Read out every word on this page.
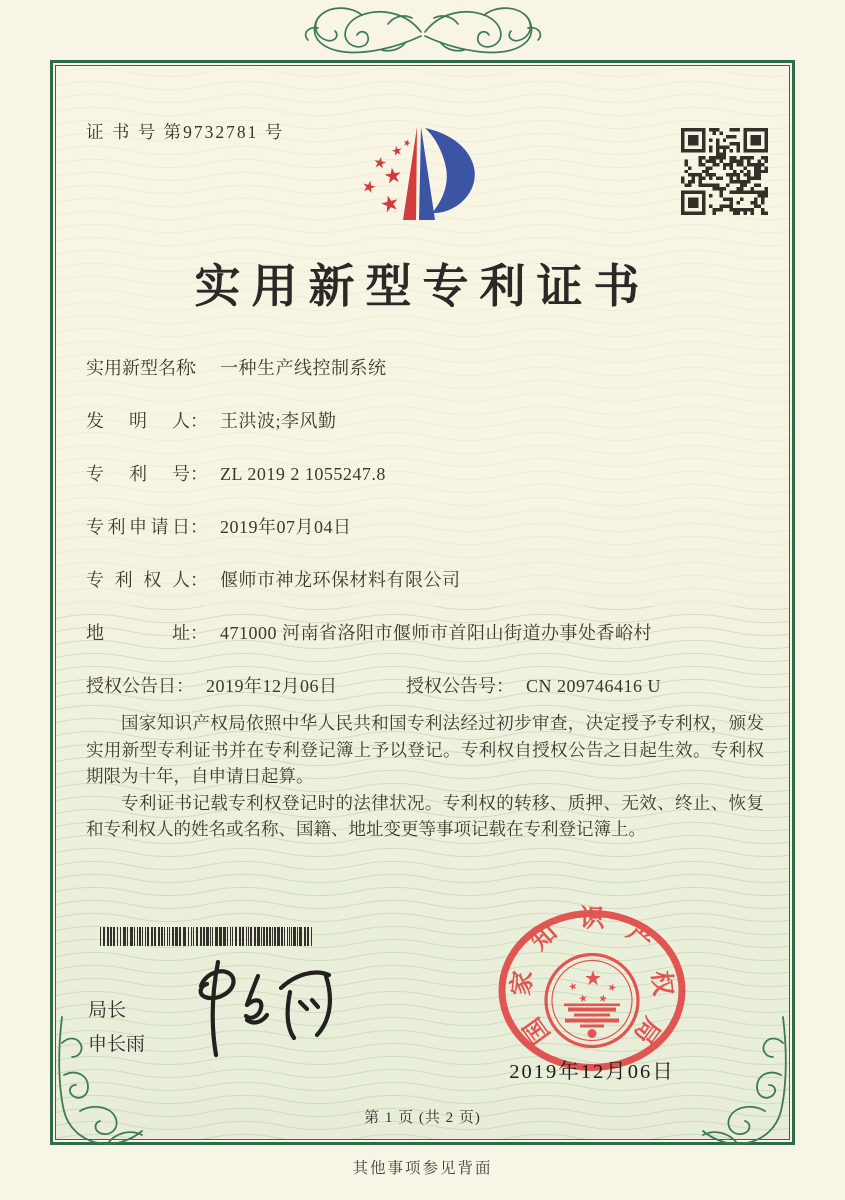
证 书 号 第9732781 号
实用新型专利证书
实用新型名称： 一种生产线控制系统
发明人： 王洪波;李风勤
专利号： ZL 2019 2 1055247.8
专利申请日： 2019年07月04日
专利权人： 偃师市神龙环保材料有限公司
地址： 471000 河南省洛阳市偃师市首阳山街道办事处香峪村
授权公告日： 2019年12月06日	授权公告号： CN 209746416 U

国家知识产权局依照中华人民共和国专利法经过初步审查，决定授予专利权，颁发实用新型专利证书并在专利登记簿上予以登记。专利权自授权公告之日起生效。专利权期限为十年，自申请日起算。

专利证书记载专利权登记时的法律状况。专利权的转移、质押、无效、终止、恢复和专利权人的姓名或名称、国籍、地址变更等事项记载在专利登记簿上。

局长
申长雨	国
家
知 识 产
权
局
2019年12月06日
第 1 页 (共 2 页)
其他事项参见背面
